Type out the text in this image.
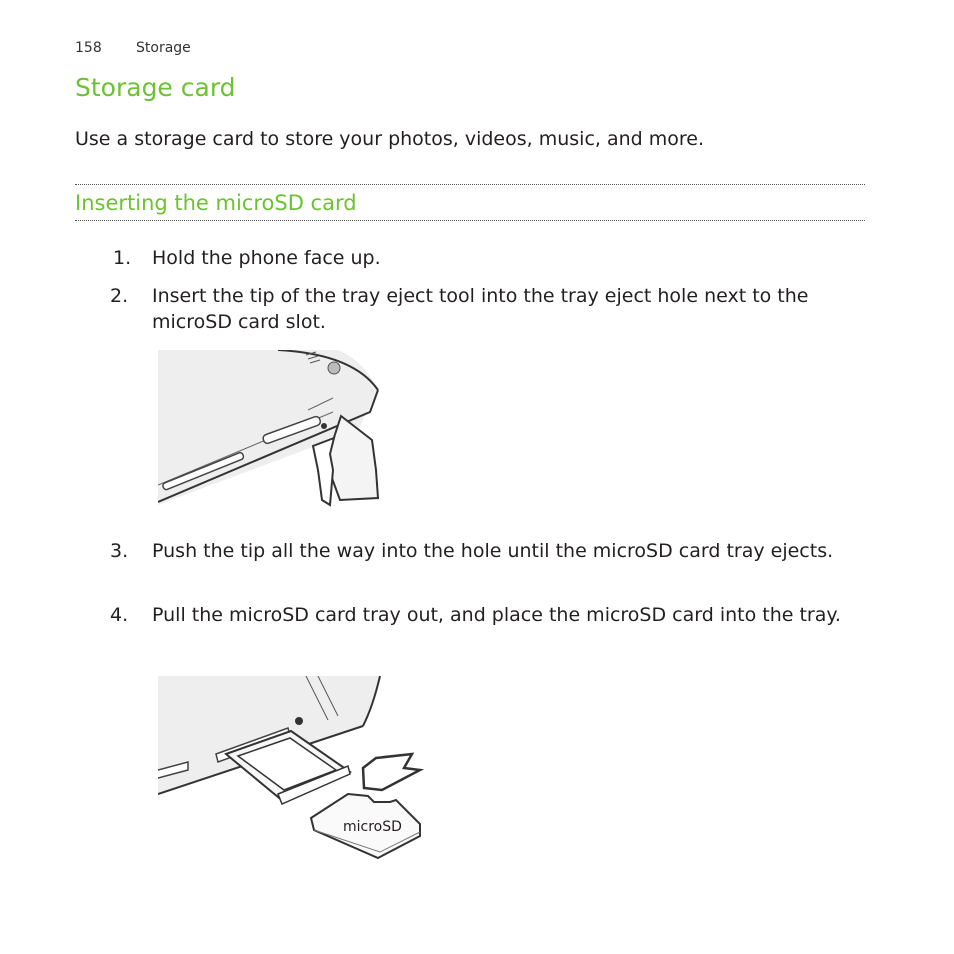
158 Storage
Storage card

Use a storage card to store your photos, videos, music, and more.

Inserting the microSD card
1.	Hold the phone face up.
2.	Insert the tip of the tray eject tool into the tray eject hole next to the microSD card slot.
3.	Push the tip all the way into the hole until the microSD card tray ejects.
4.	Pull the microSD card tray out, and place the microSD card into the tray.
microSD
